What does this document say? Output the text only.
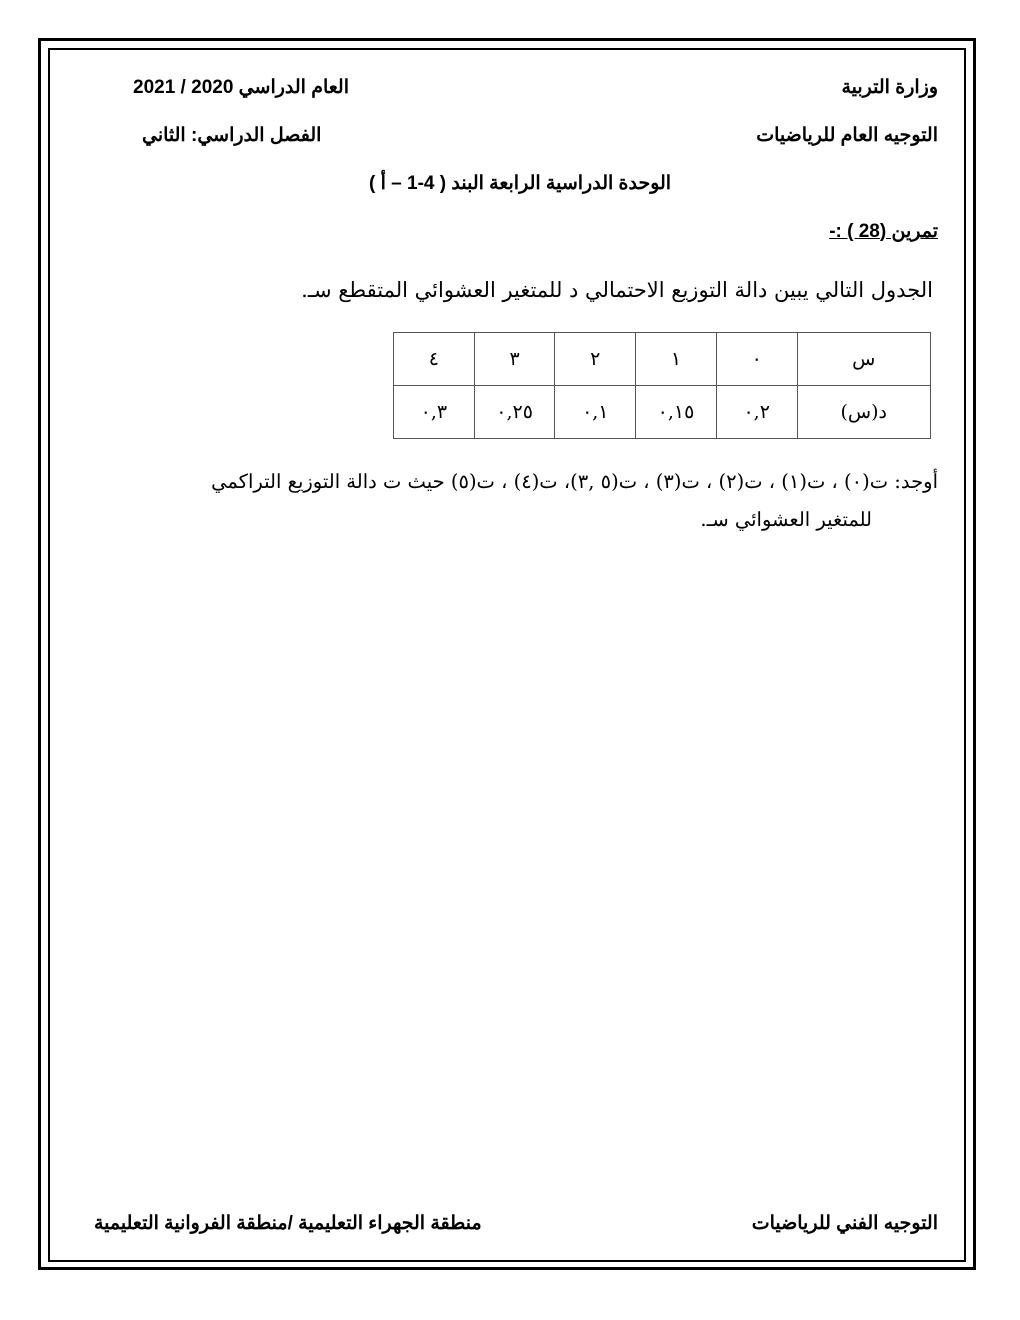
وزارة التربية
العام الدراسي 2020 / 2021
التوجيه العام للرياضيات
الفصل الدراسي: الثاني
الوحدة الدراسية الرابعة البند ( 4-1 – أ )
تمرين (28 ) :-
الجدول التالي يبين دالة التوزيع الاحتمالي د للمتغير العشوائي المتقطع سـ.
س	٠	١	٢	٣	٤
د(س)	٠,٢	٠,١٥	٠,١	٠,٢٥	٠,٣
أوجد: ت(٠) ، ت(١) ، ت(٢) ، ت(٣) ، ت(٥ ,٣)، ت(٤) ، ت(٥) حيث ت دالة التوزيع التراكمي
للمتغير العشوائي سـ.
التوجيه الفني للرياضيات
منطقة الجهراء التعليمية /منطقة الفروانية التعليمية
